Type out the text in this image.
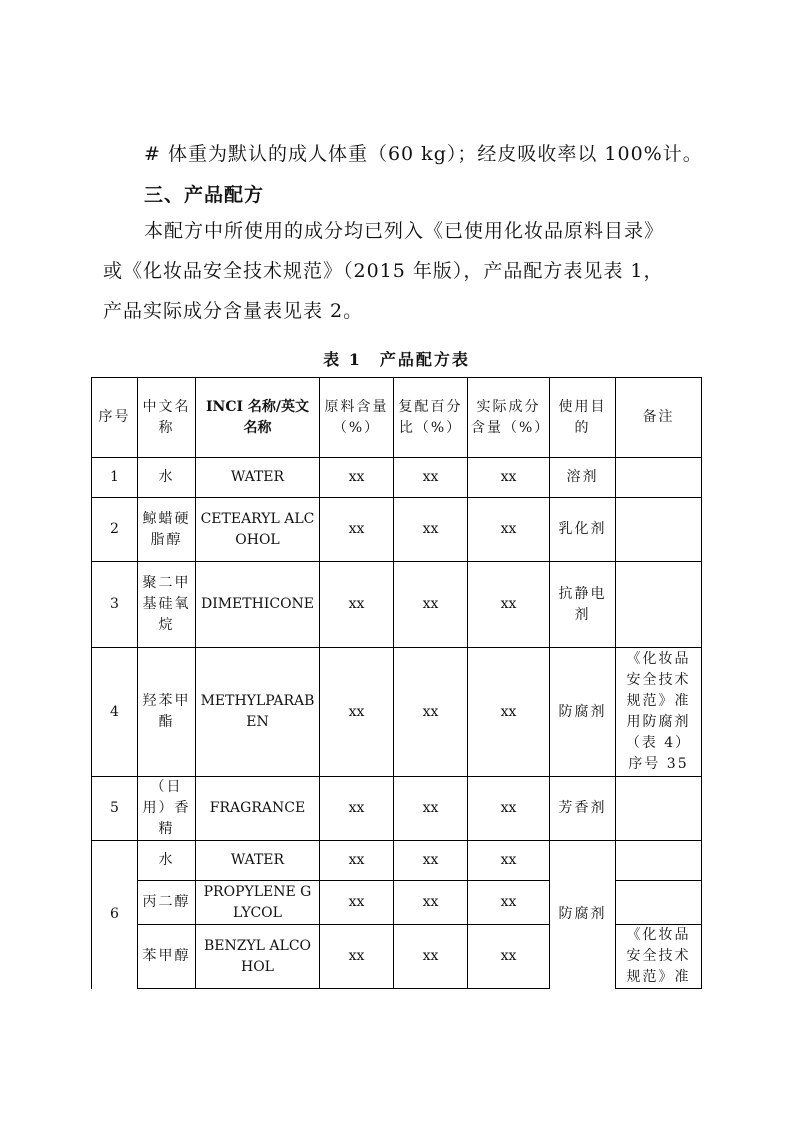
​
# 体重为默认的成人体重（60 kg）；经皮吸收率以 100%计。
三、产品配方
本配方中所使用的成分均已列入《已使用化妆品原料目录》
或《化妆品安全技术规范》（2015 年版），产品配方表见表 1，
产品实际成分含量表见表 2。
表 1　产品配方表
序号	中文名称	INCI 名称/英文名称	原料含量（%）	复配百分比（%）	实际成分含量（%）	使用目的	备注
1	水	WATER	xx	xx	xx	溶剂	
2	鲸蜡硬脂醇	CETEARYL ALCOHOL	xx	xx	xx	乳化剂	
3	聚二甲基硅氧烷	DIMETHICONE	xx	xx	xx	抗静电剂	
4	羟苯甲酯	METHYLPARABEN	xx	xx	xx	防腐剂	《化妆品安全技术规范》准用防腐剂（表 4）序号 35
5	（日用）香精	FRAGRANCE	xx	xx	xx	芳香剂	
6	水	WATER	xx	xx	xx	防腐剂	
	丙二醇	PROPYLENE GLYCOL	xx	xx	xx		
	苯甲醇	BENZYL ALCOHOL	xx	xx	xx		《化妆品安全技术规范》准
